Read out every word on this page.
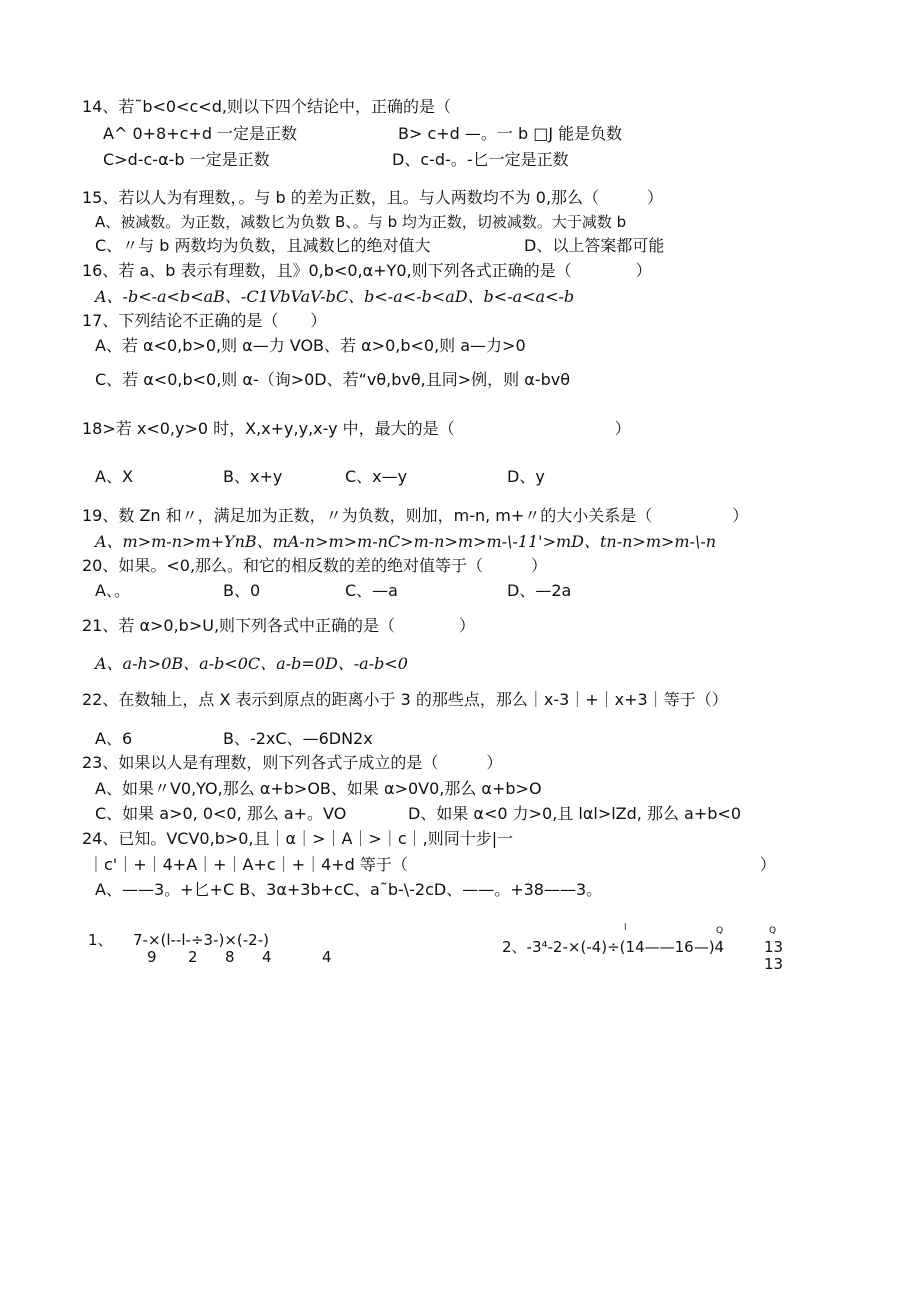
14、若˜b<0<c<d,则以下四个结论中，正确的是（
A^ 0+8+c+d 一定是正数	B> c+d —。一 b □J 能是负数
C>d-c-α-b 一定是正数	D、c-d-。-匕一定是正数
15、若以人为有理数，。与 b 的差为正数，且。与人两数均不为 0,那么（　　　）
A、被减数。为正数，减数匕为负数 B、。与 b 均为正数，切被减数。大于减数 b
C、〃与 b 两数均为负数，且减数匕的绝对值大	D、以上答案都可能
16、若 a、b 表示有理数，且》0,b<0,α+Y0,则下列各式正确的是（　　　　）
A、-b<-a<b<aB、-C1VbVaV-bC、b<-a<-b<aD、b<-a<a<-b
17、下列结论不正确的是（　　）
A、若 α<0,b>0,则 α—力 VOB、若 α>0,b<0,则 a—力>0
C、若 α<0,b<0,则 α-（询>0D、若“vθ,bvθ,且同>例，则 α-bvθ
18>若 x<0,y>0 时，X,x+y,y,x-y 中，最大的是（　　　　　　　　　　）
A、X	B、x+y	C、x—y	D、y
19、数 Zn 和〃，满足加为正数，〃为负数，则加，m-n, m+〃的大小关系是（　　　　　）
A、m>m-n>m+YnB、mA-n>m>m-nC>m-n>m>m-\-11'>mD、tn-n>m>m-\-n
20、如果。<0,那么。和它的相反数的差的绝对值等于（　　　）
A、。	B、0	C、—a	D、—2a
21、若 α>0,b>U,则下列各式中正确的是（　　　　）
A、a-h>0B、a-b<0C、a-b=0D、-a-b<0
22、在数轴上，点 X 表示到原点的距离小于 3 的那些点，那么｜x-3｜+｜x+3｜等于（）
A、6	B、-2xC、—6DN2x
23、如果以人是有理数，则下列各式子成立的是（　　　）
A、如果〃V0,YO,那么 α+b>OB、如果 α>0V0,那么 α+b>O
C、如果 a>0, 0<0, 那么 a+。VO	D、如果 α<0 力>0,且 lαl>lZd, 那么 a+b<0
24、已知。VCV0,b>0,且｜α｜>｜A｜>｜c｜,则同十步|一
｜c'｜+｜4+A｜+｜A+c｜+｜4+d 等于（　　　　　　　　　　　　　　　　　　　　　　）
A、——3。+匕+C B、3α+3b+cC、a˜b-\-2cD、——。+38——3。
1、 7-×(l--l-÷3-)×(-2-)
9 2 8 4	4
l	Q	Q
2、-3⁴-2-×(-4)÷(14——16—)4	13
13
